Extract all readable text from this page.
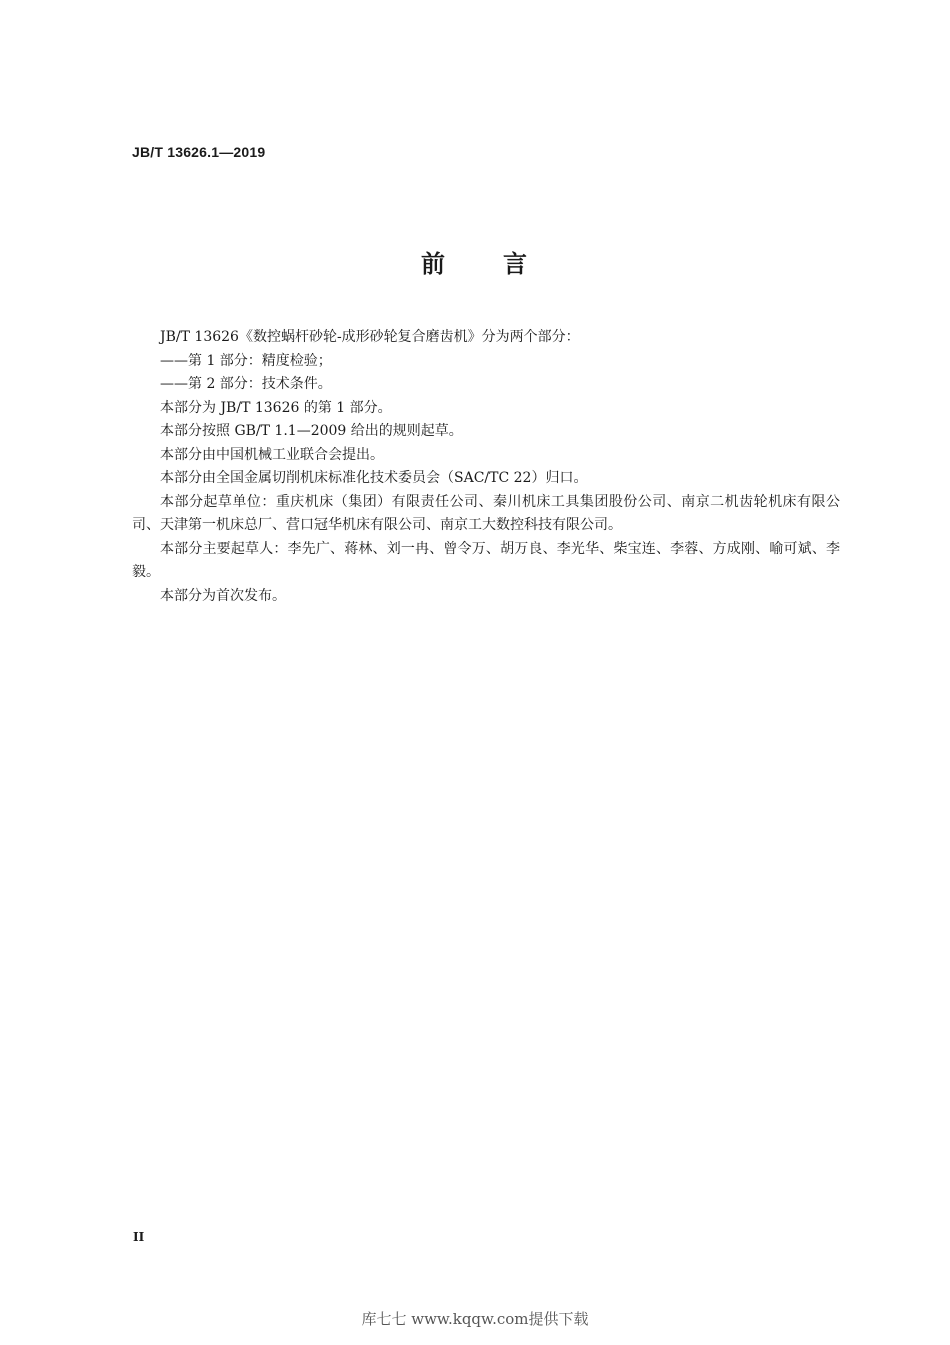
JB/T 13626.1—2019
前 言

JB/T 13626《数控蜗杆砂轮-成形砂轮复合磨齿机》分为两个部分：

——第 1 部分：精度检验；

——第 2 部分：技术条件。

本部分为 JB/T 13626 的第 1 部分。

本部分按照 GB/T 1.1—2009 给出的规则起草。

本部分由中国机械工业联合会提出。

本部分由全国金属切削机床标准化技术委员会（SAC/TC 22）归口。

本部分起草单位：重庆机床（集团）有限责任公司、秦川机床工具集团股份公司、南京二机齿轮机床有限公司、天津第一机床总厂、营口冠华机床有限公司、南京工大数控科技有限公司。

本部分主要起草人：李先广、蒋林、刘一冉、曾令万、胡万良、李光华、柴宝连、李蓉、方成刚、喻可斌、李毅。

本部分为首次发布。

II
库七七 www.kqqw.com提供下载
